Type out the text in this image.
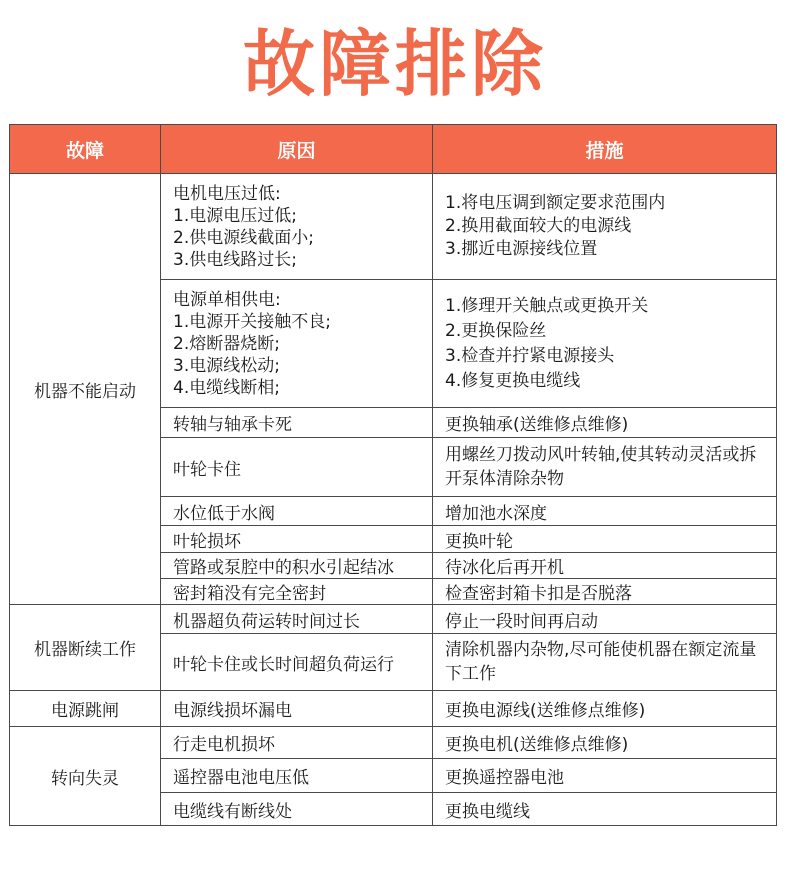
故障排除
故障	原因	措施
机器不能启动	电机电压过低:
1.电源电压过低;
2.供电源线截面小;
3.供电线路过长;	1.将电压调到额定要求范围内
2.换用截面较大的电源线
3.挪近电源接线位置

	电源单相供电:
1.电源开关接触不良;
2.熔断器烧断;
3.电源线松动;
4.电缆线断相;	1.修理开关触点或更换开关
2.更换保险丝
3.检查并拧紧电源接头
4.修复更换电缆线

	转轴与轴承卡死	更换轴承(送维修点维修)
	叶轮卡住	用螺丝刀拨动风叶转轴,使其转动灵活或拆开泵体清除杂物
	水位低于水阀	增加池水深度
	叶轮损坏	更换叶轮
	管路或泵腔中的积水引起结冰	待冰化后再开机
	密封箱没有完全密封	检查密封箱卡扣是否脱落
机器断续工作	机器超负荷运转时间过长	停止一段时间再启动
	叶轮卡住或长时间超负荷运行	清除机器内杂物,尽可能使机器在额定流量下工作
电源跳闸	电源线损坏漏电	更换电源线(送维修点维修)
转向失灵	行走电机损坏	更换电机(送维修点维修)
	遥控器电池电压低	更换遥控器电池
	电缆线有断线处	更换电缆线
